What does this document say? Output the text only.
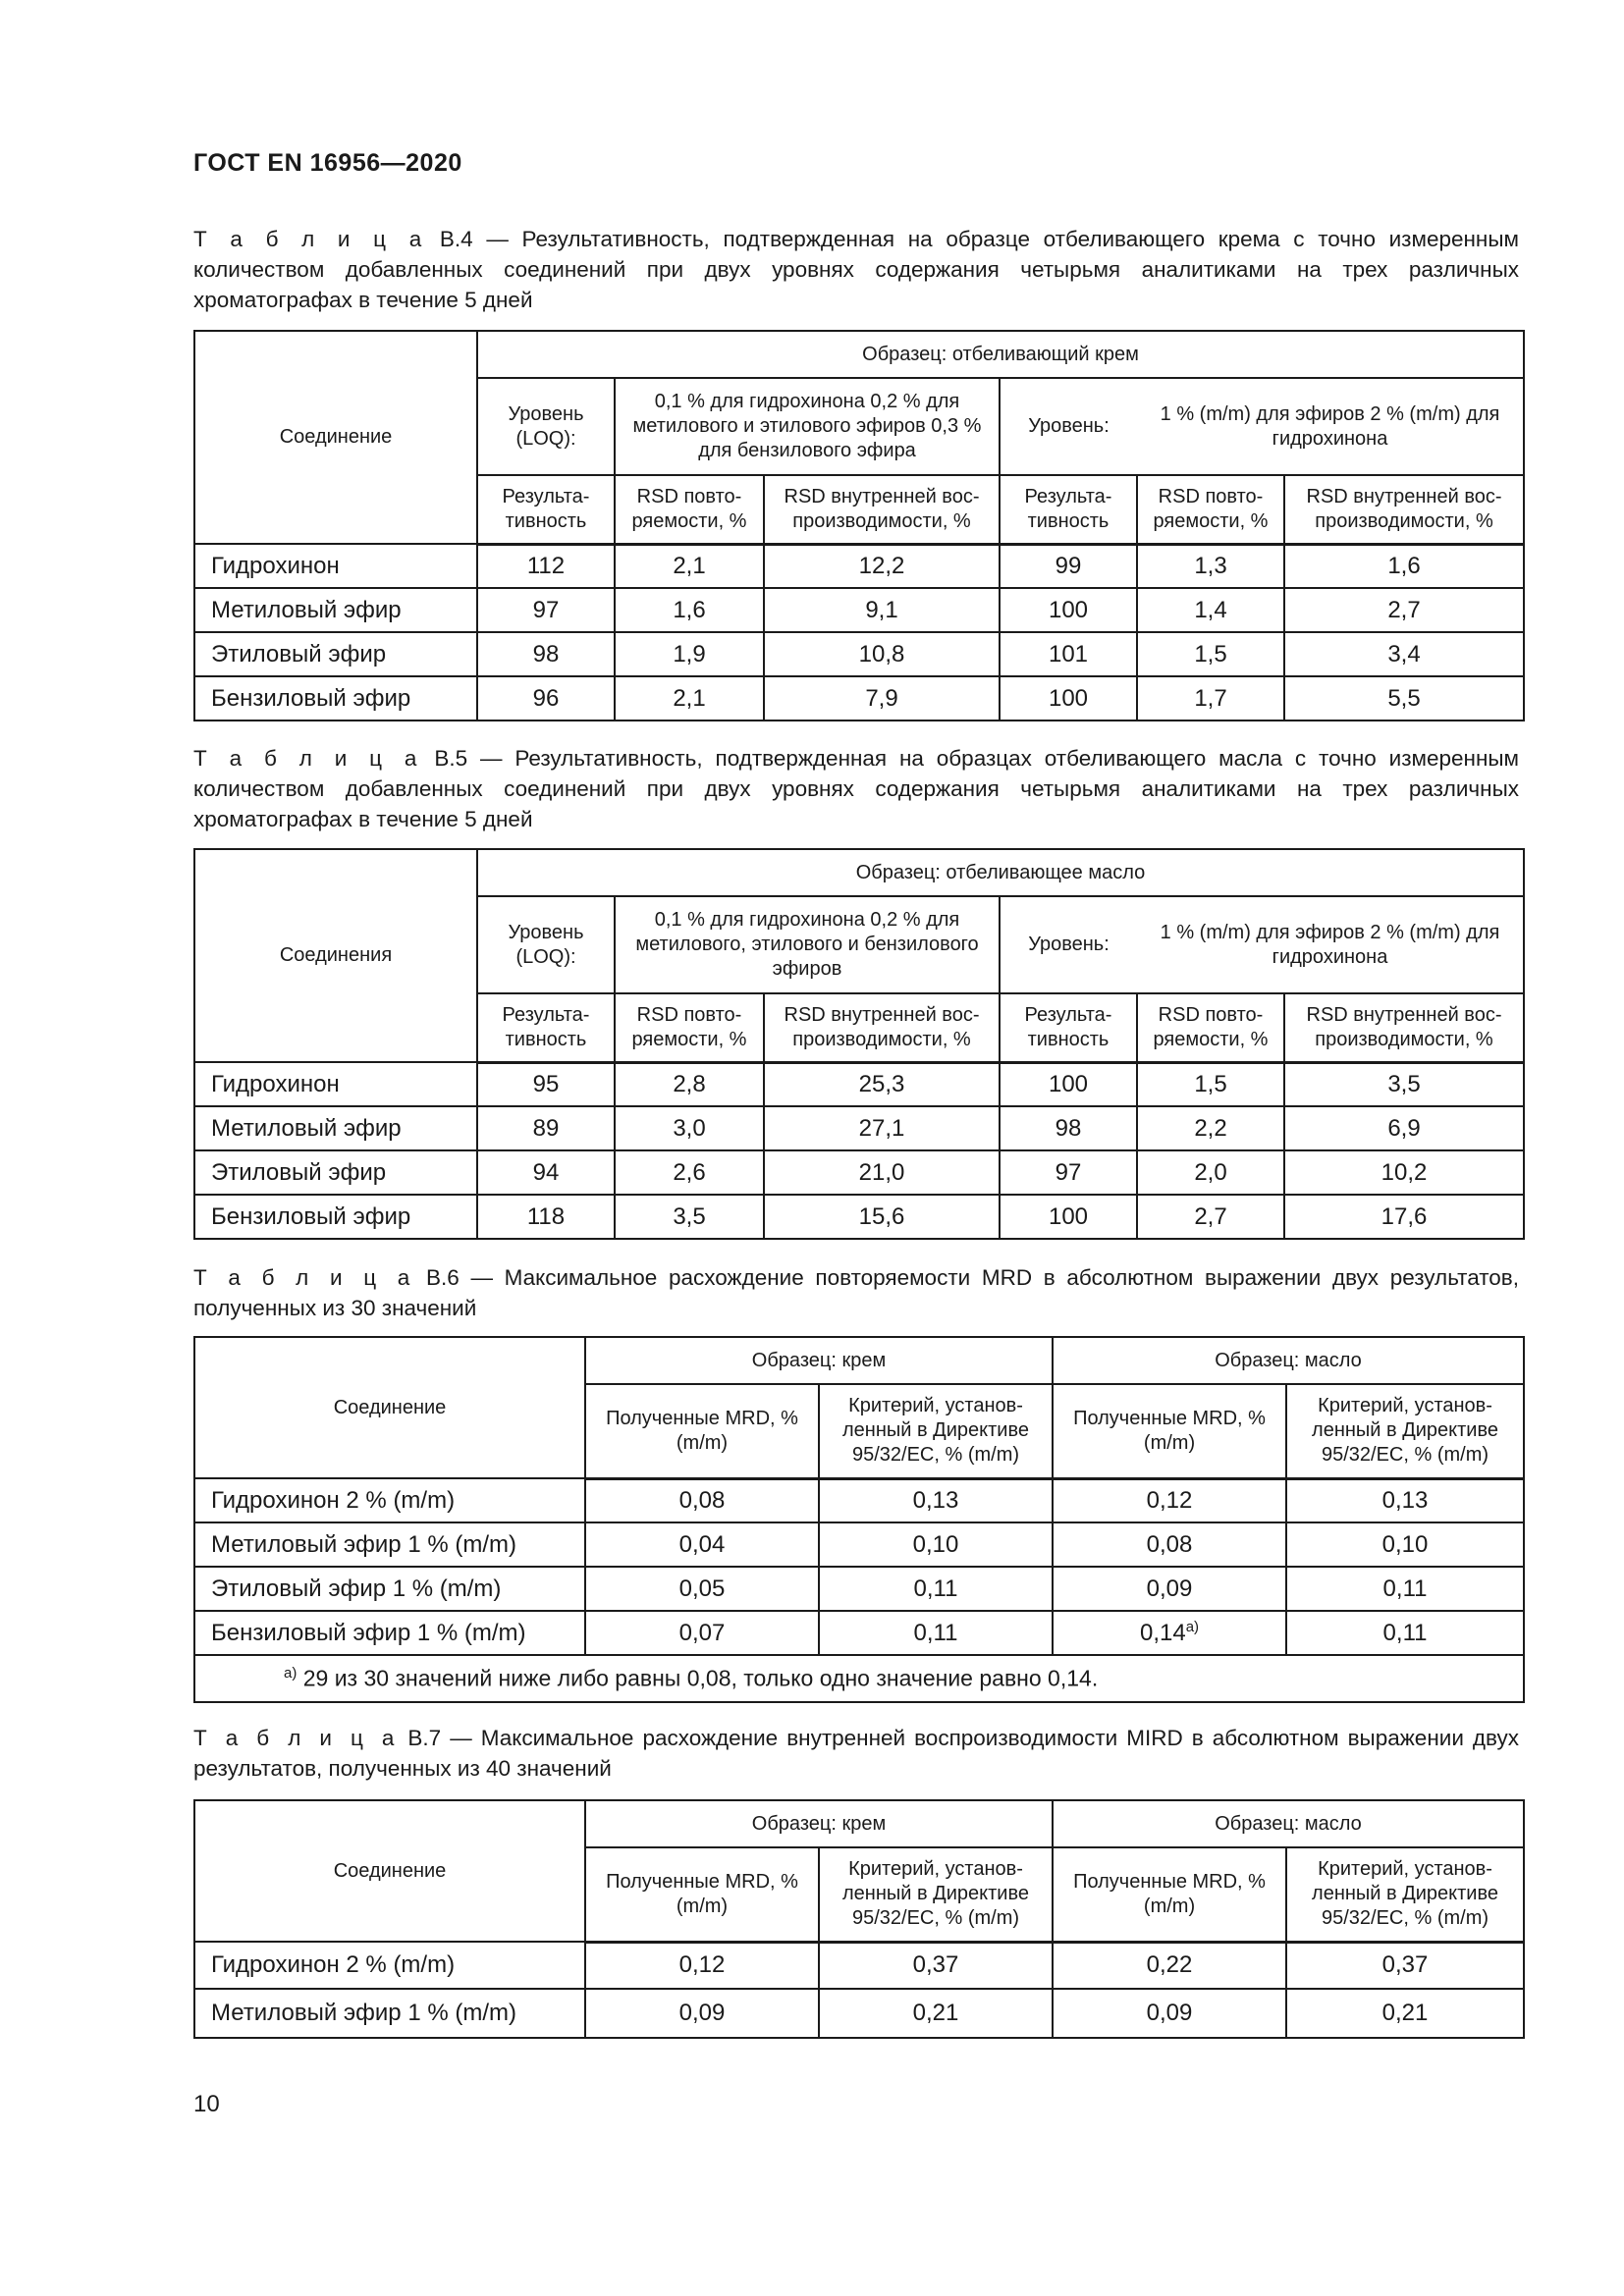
ГОСТ EN 16956—2020
Т а б л и ц а В.4 — Результативность, подтвержденная на образце отбеливающего крема с точно измеренным количеством добавленных соединений при двух уровнях содержания четырьмя аналитиками на трех различных хроматографах в течение 5 дней
Соединение	Образец: отбеливающий крем					
	Уровень (LOQ):	0,1 % для гидрохинона 0,2 % для метилового и этилового эфиров 0,3 % для бензилового эфира		Уровень:	1 % (m/m) для эфиров 2 % (m/m) для гидрохинона	
	Результа-тивность	RSD повто-ряемости, %	RSD внутренней вос-производимости, %	Результа-тивность	RSD повто-ряемости, %	RSD внутренней вос-производимости, %
Гидрохинон	112	2,1	12,2	99	1,3	1,6
Метиловый эфир	97	1,6	9,1	100	1,4	2,7
Этиловый эфир	98	1,9	10,8	101	1,5	3,4
Бензиловый эфир	96	2,1	7,9	100	1,7	5,5
Т а б л и ц а В.5 — Результативность, подтвержденная на образцах отбеливающего масла с точно измеренным количеством добавленных соединений при двух уровнях содержания четырьмя аналитиками на трех различных хроматографах в течение 5 дней
Соединения	Образец: отбеливающее масло					
	Уровень (LOQ):	0,1 % для гидрохинона 0,2 % для метилового, этилового и бензилового эфиров		Уровень:	1 % (m/m) для эфиров 2 % (m/m) для гидрохинона	
	Результа-тивность	RSD повто-ряемости, %	RSD внутренней вос-производимости, %	Результа-тивность	RSD повто-ряемости, %	RSD внутренней вос-производимости, %
Гидрохинон	95	2,8	25,3	100	1,5	3,5
Метиловый эфир	89	3,0	27,1	98	2,2	6,9
Этиловый эфир	94	2,6	21,0	97	2,0	10,2
Бензиловый эфир	118	3,5	15,6	100	2,7	17,6
Т а б л и ц а В.6 — Максимальное расхождение повторяемости MRD в абсолютном выражении двух результатов, полученных из 30 значений
Соединение	Образец: крем		Образец: масло	
	Полученные MRD, % (m/m)	Критерий, установ-ленный в Директиве 95/32/ЕС, % (m/m)	Полученные MRD, % (m/m)	Критерий, установ-ленный в Директиве 95/32/ЕС, % (m/m)
Гидрохинон 2 % (m/m)	0,08	0,13	0,12	0,13
Метиловый эфир 1 % (m/m)	0,04	0,10	0,08	0,10
Этиловый эфир 1 % (m/m)	0,05	0,11	0,09	0,11
Бензиловый эфир 1 % (m/m)	0,07	0,11	$0,14^{а)}$	0,11
$^{а)}$ 29 из 30 значений ниже либо равны 0,08, только одно значение равно 0,14.				
Т а б л и ц а В.7 — Максимальное расхождение внутренней воспроизводимости MIRD в абсолютном выражении двух результатов, полученных из 40 значений
Соединение	Образец: крем		Образец: масло	
	Полученные MRD, % (m/m)	Критерий, установ-ленный в Директиве 95/32/ЕС, % (m/m)	Полученные MRD, % (m/m)	Критерий, установ-ленный в Директиве 95/32/ЕС, % (m/m)
Гидрохинон 2 % (m/m)	0,12	0,37	0,22	0,37
Метиловый эфир 1 % (m/m)	0,09	0,21	0,09	0,21
10
